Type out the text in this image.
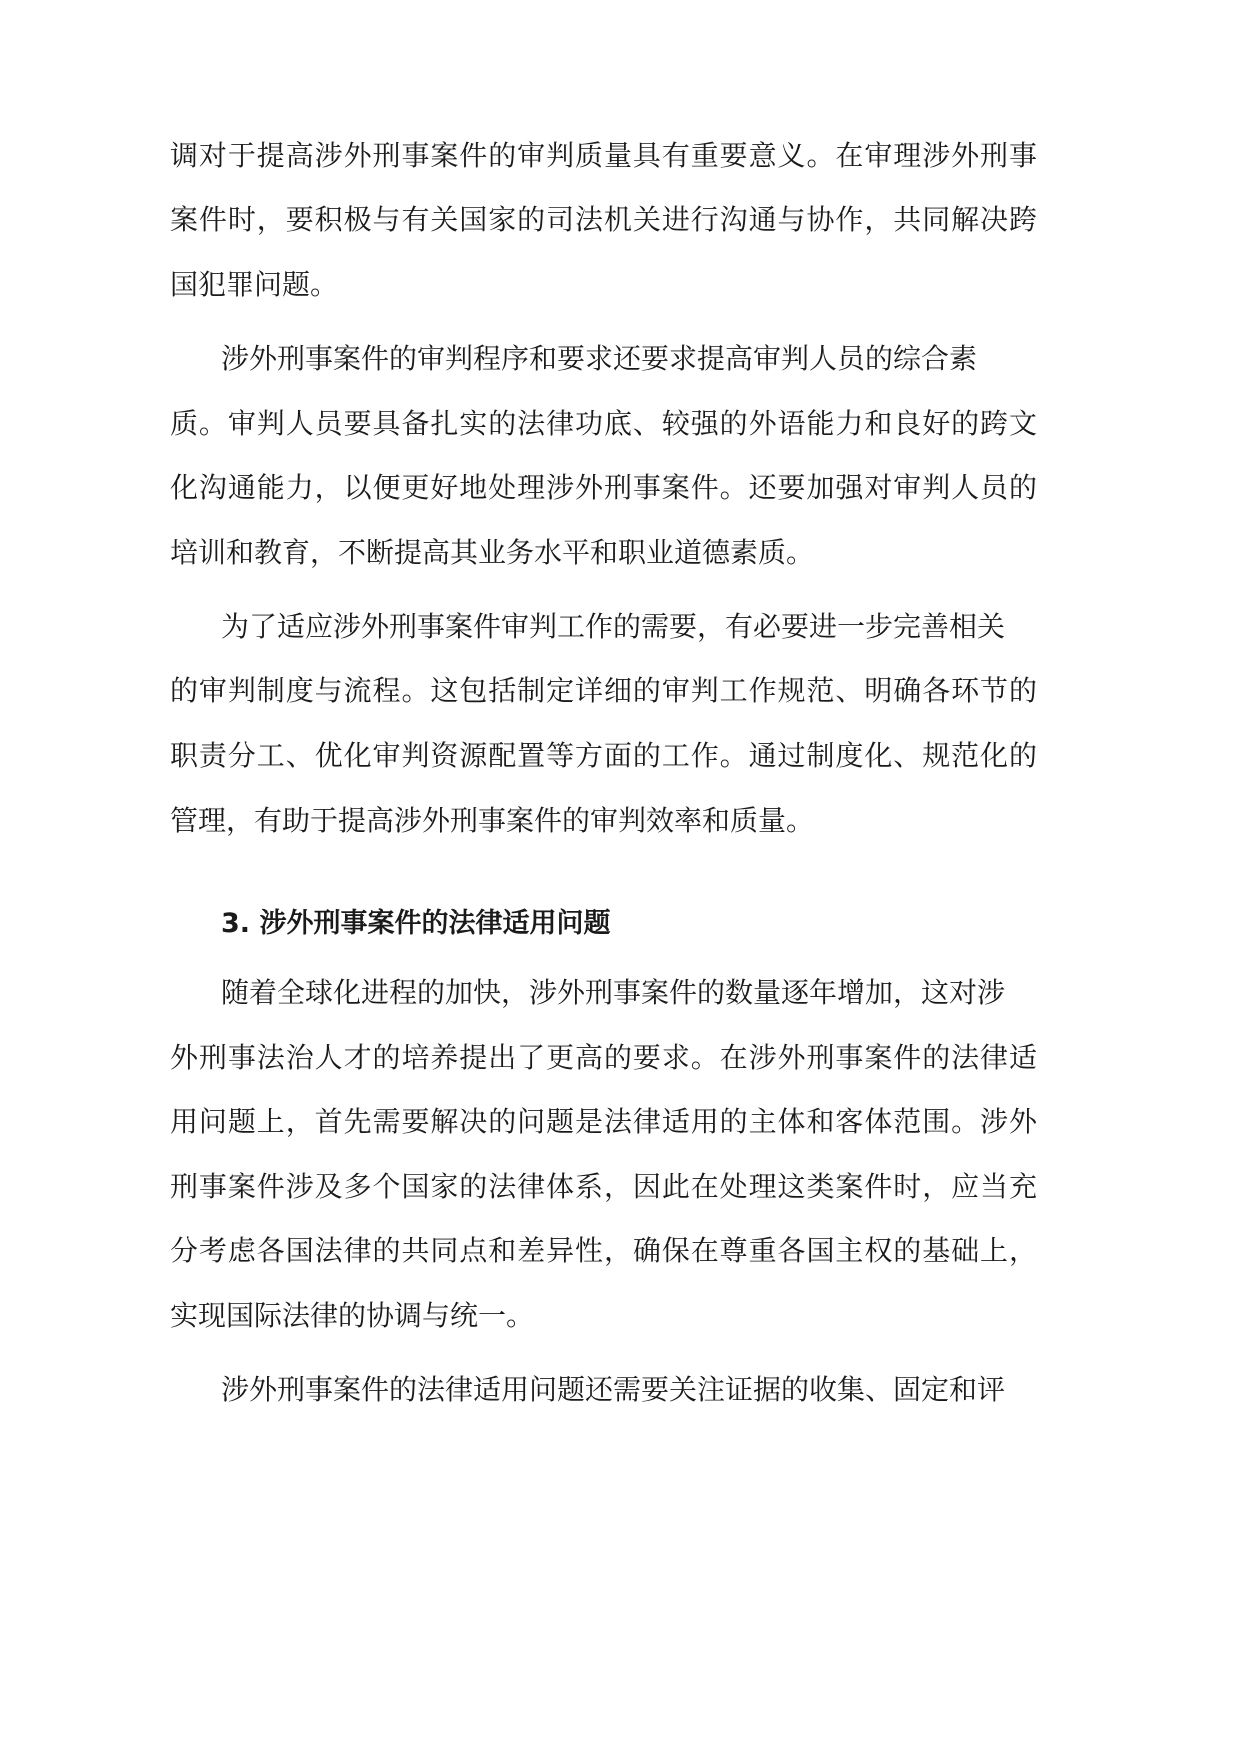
调对于提高涉外刑事案件的审判质量具有重要意义。在审理涉外刑事
案件时，要积极与有关国家的司法机关进行沟通与协作，共同解决跨
国犯罪问题。
涉外刑事案件的审判程序和要求还要求提高审判人员的综合素
质。审判人员要具备扎实的法律功底、较强的外语能力和良好的跨文
化沟通能力，以便更好地处理涉外刑事案件。还要加强对审判人员的
培训和教育，不断提高其业务水平和职业道德素质。
为了适应涉外刑事案件审判工作的需要，有必要进一步完善相关
的审判制度与流程。这包括制定详细的审判工作规范、明确各环节的
职责分工、优化审判资源配置等方面的工作。通过制度化、规范化的
管理，有助于提高涉外刑事案件的审判效率和质量。
3. 涉外刑事案件的法律适用问题
随着全球化进程的加快，涉外刑事案件的数量逐年增加，这对涉
外刑事法治人才的培养提出了更高的要求。在涉外刑事案件的法律适
用问题上，首先需要解决的问题是法律适用的主体和客体范围。涉外
刑事案件涉及多个国家的法律体系，因此在处理这类案件时，应当充
分考虑各国法律的共同点和差异性，确保在尊重各国主权的基础上，
实现国际法律的协调与统一。
涉外刑事案件的法律适用问题还需要关注证据的收集、固定和评
